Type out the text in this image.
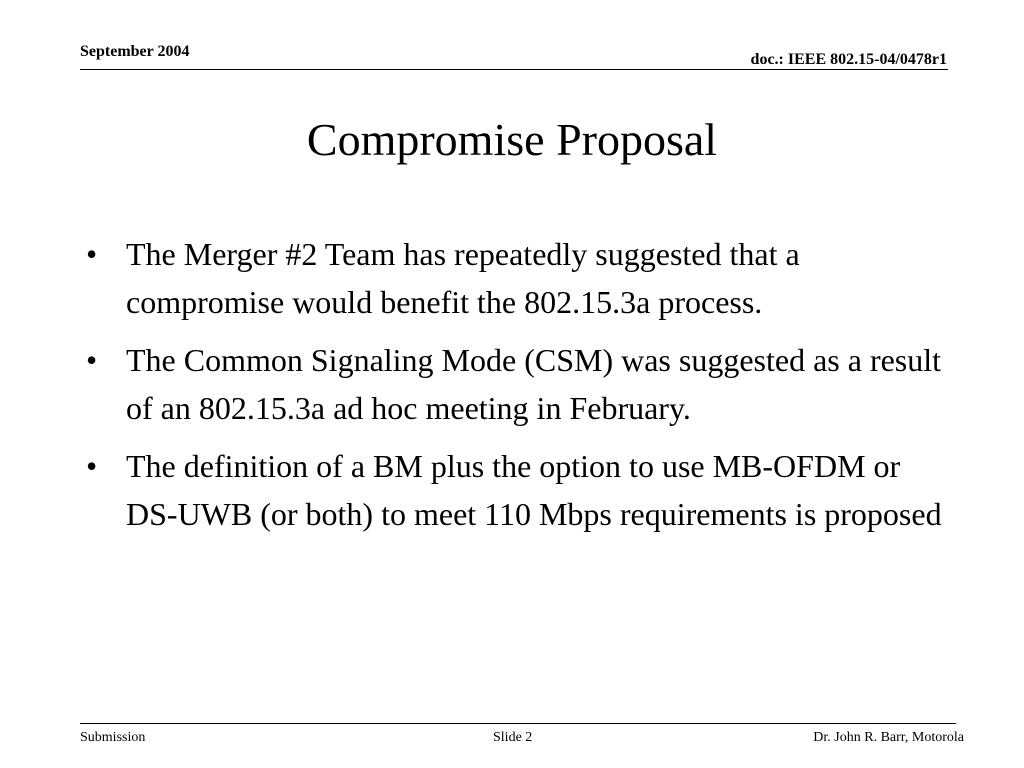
September 2004	doc.: IEEE 802.15-04/0478r1
Compromise Proposal
• The Merger #2 Team has repeatedly suggested that a compromise would benefit the 802.15.3a process.
• The Common Signaling Mode (CSM) was suggested as a result of an 802.15.3a ad hoc meeting in February.
• The definition of a BM plus the option to use MB-OFDM or DS-UWB (or both) to meet 110 Mbps requirements is proposed
Submission	Slide 2	Dr. John R. Barr, Motorola
